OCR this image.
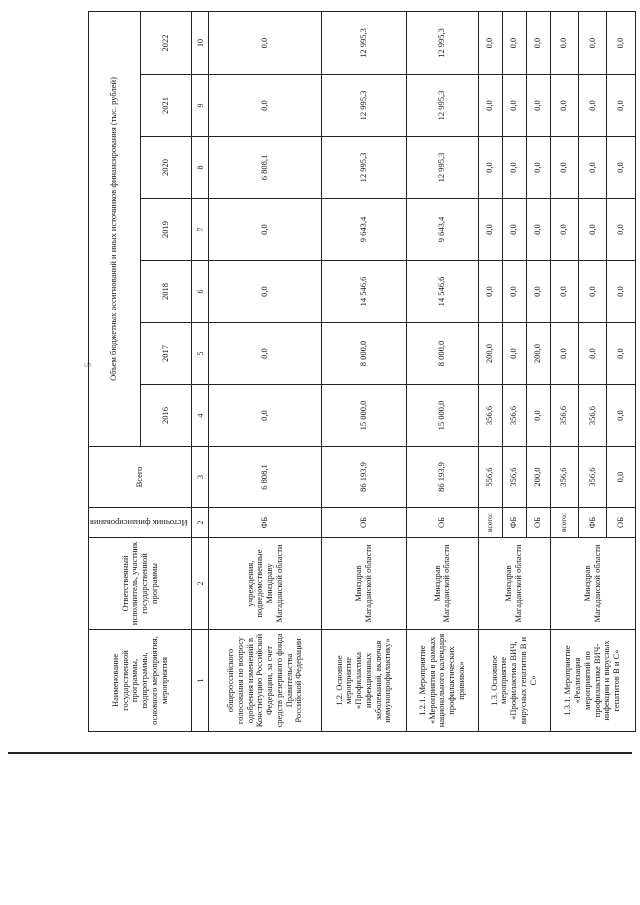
5
Наименование государственной программы, подпрограммы, основного мероприятия, мероприятия	Ответственный исполнитель, участник государственной программы	Источник финансирования	Всего	Объем бюджетных ассигнований и иных источников финансирования (тыс. рублей)						
				2016	2017	2018	2019	2020	2021	2022
1	2	2	3	4	5	6	7	8	9	10
общероссийского голосования по вопросу одобрения изменений в Конституцию Российской Федерации, за счет средств резервного фонда Правительства Российской Федерации	учреждения, подведомственные Минздраву Магаданской области	ФБ	6 808,1	0,0	0,0	0,0	0,0	6 808,1	0,0	0,0
1.2. Основное мероприятие «Профилактика инфекционных заболеваний, включая иммунопрофилактику»	Минздрав Магаданской области	ОБ	86 193,9	15 000,0	8 000,0	14 546,6	9 643,4	12 995,3	12 995,3	12 995,3
1.2.1. Мероприятие «Мероприятия в рамках национального календаря профилактических прививок»	Минздрав Магаданской области	ОБ	86 193,9	15 000,0	8 000,0	14 546,6	9 643,4	12 995,3	12 995,3	12 995,3
1.3. Основное мероприятие «Профилактика ВИЧ, вирусных гепатитов В и С»	Минздрав Магаданской области	всего:	556,6	356,6	200,0	0,0	0,0	0,0	0,0	0,0
		ФБ	356,6	356,6	0,0	0,0	0,0	0,0	0,0	0,0
		ОБ	200,0	0,0	200,0	0,0	0,0	0,0	0,0	0,0
1.3.1. Мероприятие «Реализация мероприятий по профилактике ВИЧ-инфекции и вирусных гепатитов В и С»	Минздрав Магаданской области	всего:	356,6	356,6	0,0	0,0	0,0	0,0	0,0	0,0
		ФБ	356,6	356,6	0,0	0,0	0,0	0,0	0,0	0,0
		ОБ	0,0	0,0	0,0	0,0	0,0	0,0	0,0	0,0
